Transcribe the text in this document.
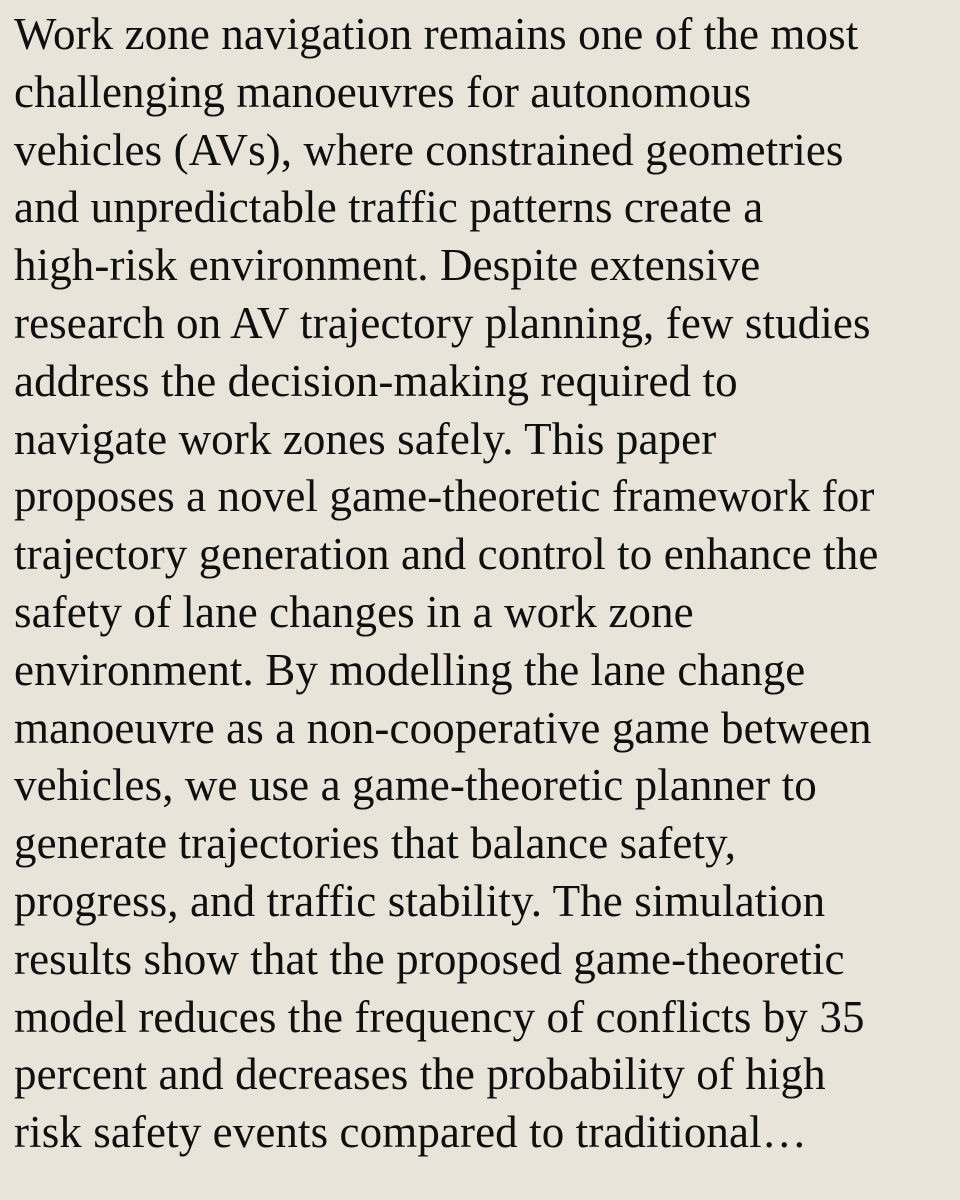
Work zone navigation remains one of the most
challenging manoeuvres for autonomous
vehicles (AVs), where constrained geometries
and unpredictable traffic patterns create a
high-risk environment. Despite extensive
research on AV trajectory planning, few studies
address the decision-making required to
navigate work zones safely. This paper
proposes a novel game-theoretic framework for
trajectory generation and control to enhance the
safety of lane changes in a work zone
environment. By modelling the lane change
manoeuvre as a non-cooperative game between
vehicles, we use a game-theoretic planner to
generate trajectories that balance safety,
progress, and traffic stability. The simulation
results show that the proposed game-theoretic
model reduces the frequency of conflicts by 35
percent and decreases the probability of high
risk safety events compared to traditional…
